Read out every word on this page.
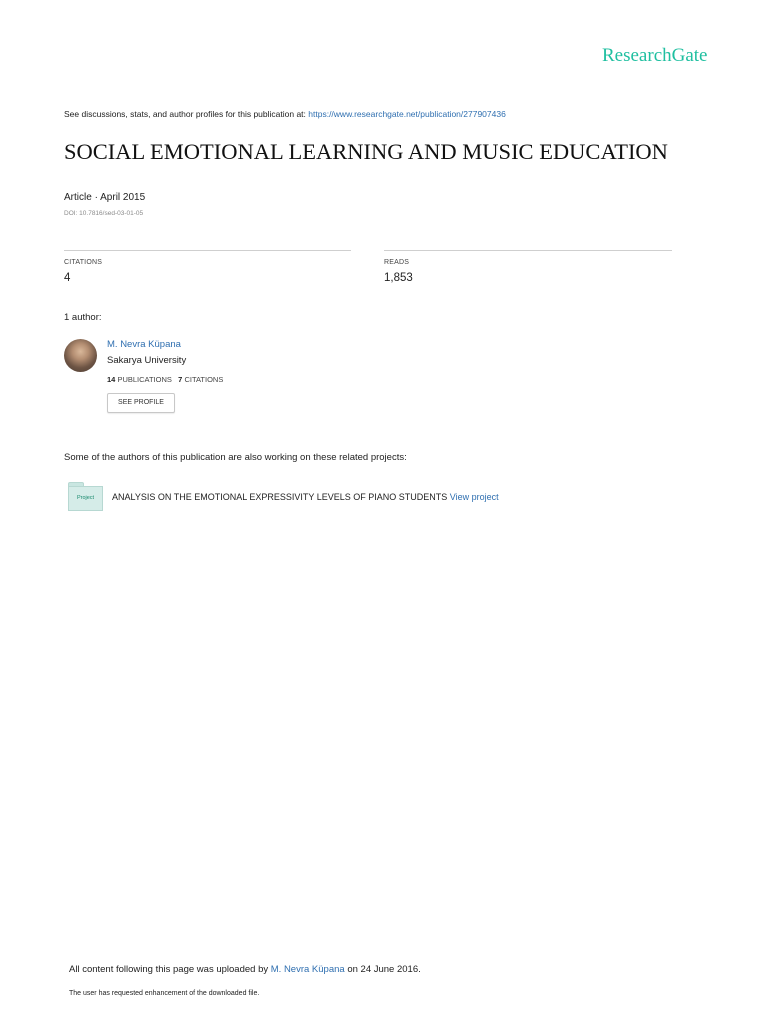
ResearchGate
See discussions, stats, and author profiles for this publication at: https://www.researchgate.net/publication/277907436
SOCIAL EMOTIONAL LEARNING AND MUSIC EDUCATION
Article · April 2015
DOI: 10.7816/sed-03-01-05
CITATIONS
4
READS
1,853
1 author:
M. Nevra Küpana
Sakarya University
14 PUBLICATIONS 7 CITATIONS
SEE PROFILE
Some of the authors of this publication are also working on these related projects:
Project	ANALYSIS ON THE EMOTIONAL EXPRESSIVITY LEVELS OF PIANO STUDENTS View project
All content following this page was uploaded by M. Nevra Küpana on 24 June 2016.
The user has requested enhancement of the downloaded file.
